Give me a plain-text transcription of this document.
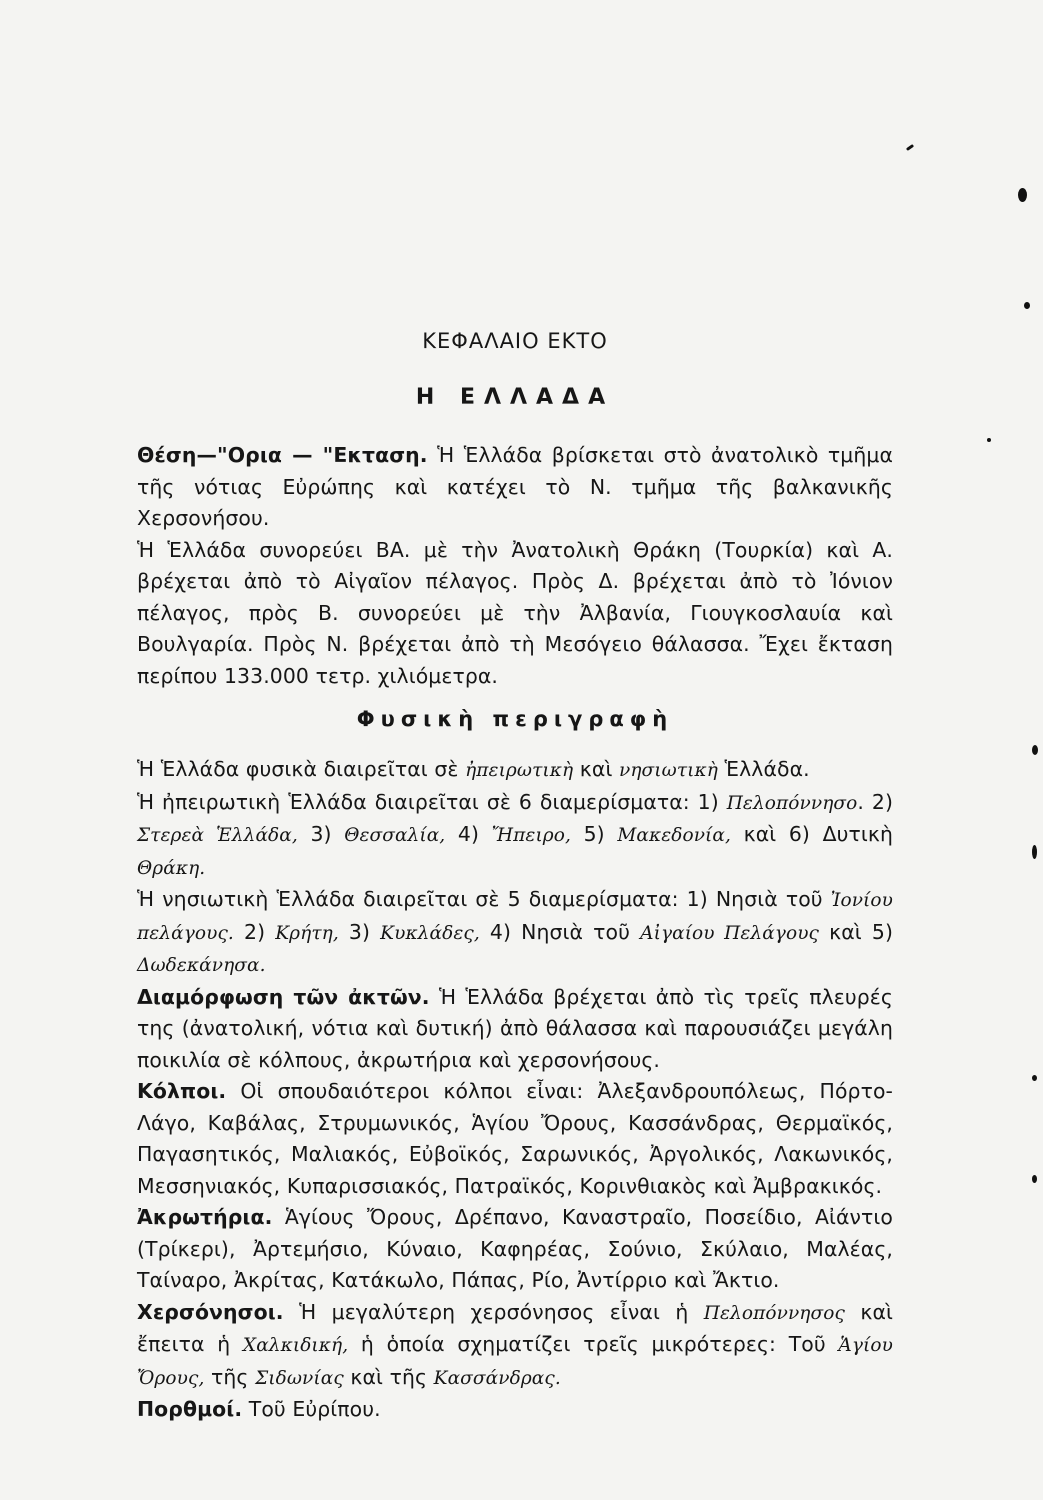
ΚΕΦΑΛΑΙΟ ΕΚΤΟ
Η ΕΛΛΑΔΑ

Θέση—"Ορια — "Εκταση. Ἡ Ἑλλάδα βρίσκεται στὸ ἀνατολικὸ τμῆμα τῆς νότιας Εὐρώπης καὶ κατέχει τὸ Ν. τμῆμα τῆς βαλκανικῆς Χερσονήσου.

Ἡ Ἑλλάδα συνορεύει ΒΑ. μὲ τὴν Ἀνατολικὴ Θράκη (Τουρκία) καὶ Α. βρέχεται ἀπὸ τὸ Αἰγαῖον πέλαγος. Πρὸς Δ. βρέχεται ἀπὸ τὸ Ἰόνιον πέλαγος, πρὸς Β. συνορεύει μὲ τὴν Ἀλβανία, Γιουγκοσλαυία καὶ Βουλγαρία. Πρὸς Ν. βρέχεται ἀπὸ τὴ Μεσόγειο θάλασσα. Ἔχει ἔκταση περίπου 133.000 τετρ. χιλιόμετρα.

Φυσικὴ περιγραφὴ

Ἡ Ἑλλάδα φυσικὰ διαιρεῖται σὲ ἠπειρωτικὴ καὶ νησιωτικὴ Ἑλλάδα.

Ἡ ἠπειρωτικὴ Ἑλλάδα διαιρεῖται σὲ 6 διαμερίσματα: 1) Πελοπόννησο. 2) Στερεὰ Ἑλλάδα, 3) Θεσσαλία, 4) Ἤπειρο, 5) Μακεδονία, καὶ 6) Δυτικὴ Θράκη.

Ἡ νησιωτικὴ Ἑλλάδα διαιρεῖται σὲ 5 διαμερίσματα: 1) Νησιὰ τοῦ Ἰονίου πελάγους. 2) Κρήτη, 3) Κυκλάδες, 4) Νησιὰ τοῦ Αἰγαίου Πελάγους καὶ 5) Δωδεκάνησα.

Διαμόρφωση τῶν ἀκτῶν. Ἡ Ἑλλάδα βρέχεται ἀπὸ τὶς τρεῖς πλευρές της (ἀνατολική, νότια καὶ δυτική) ἀπὸ θάλασσα καὶ παρουσιάζει μεγάλη ποικιλία σὲ κόλπους, ἀκρωτήρια καὶ χερσονήσους.

Κόλποι. Οἱ σπουδαιότεροι κόλποι εἶναι: Ἀλεξανδρουπόλεως, Πόρτο-Λάγο, Καβάλας, Στρυμωνικός, Ἁγίου Ὄρους, Κασσάνδρας, Θερμαϊκός, Παγασητικός, Μαλιακός, Εὐβοϊκός, Σαρωνικός, Ἀργολικός, Λακωνικός, Μεσσηνιακός, Κυπαρισσιακός, Πατραϊκός, Κορινθιακὸς καὶ Ἀμβρακικός.

Ἀκρωτήρια. Ἁγίους Ὄρους, Δρέπανο, Καναστραῖο, Ποσείδιο, Αἰάντιο (Τρίκερι), Ἀρτεμήσιο, Κύναιο, Καφηρέας, Σούνιο, Σκύλαιο, Μαλέας, Ταίναρο, Ἀκρίτας, Κατάκωλο, Πάπας, Ρίο, Ἀντίρριο καὶ Ἄκτιο.

Χερσόνησοι. Ἡ μεγαλύτερη χερσόνησος εἶναι ἡ Πελοπόννησος καὶ ἔπειτα ἡ Χαλκιδική, ἡ ὁποία σχηματίζει τρεῖς μικρότερες: Τοῦ Ἁγίου Ὄρους, τῆς Σιδωνίας καὶ τῆς Κασσάνδρας.

Πορθμοί. Τοῦ Εὐρίπου.
